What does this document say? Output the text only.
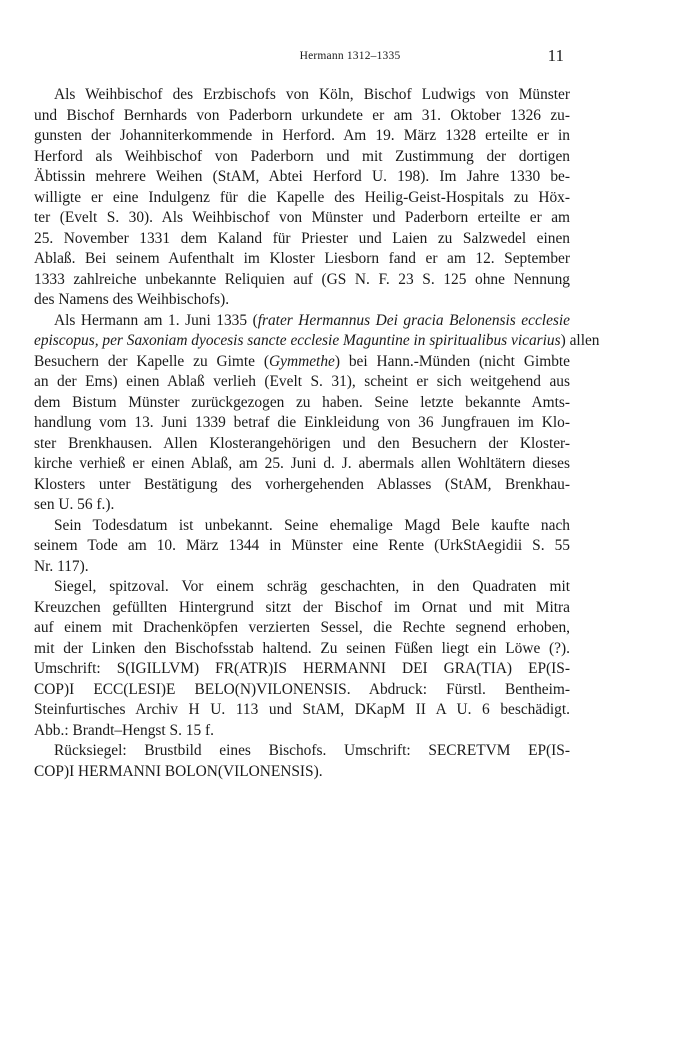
Hermann 1312–1335	11

Als Weihbischof des Erzbischofs von Köln, Bischof Ludwigs von Münster
und Bischof Bernhards von Paderborn urkundete er am 31. Oktober 1326 zu-
gunsten der Johanniterkommende in Herford. Am 19. März 1328 erteilte er in
Herford als Weihbischof von Paderborn und mit Zustimmung der dortigen
Äbtissin mehrere Weihen (StAM, Abtei Herford U. 198). Im Jahre 1330 be-
willigte er eine Indulgenz für die Kapelle des Heilig-Geist-Hospitals zu Höx-
ter (Evelt S. 30). Als Weihbischof von Münster und Paderborn erteilte er am
25. November 1331 dem Kaland für Priester und Laien zu Salzwedel einen
Ablaß. Bei seinem Aufenthalt im Kloster Liesborn fand er am 12. September
1333 zahlreiche unbekannte Reliquien auf (GS N. F. 23 S. 125 ohne Nennung
des Namens des Weihbischofs).

Als Hermann am 1. Juni 1335 (frater Hermannus Dei gracia Belonensis ecclesie
episcopus, per Saxoniam dyocesis sancte ecclesie Maguntine in spiritualibus vicarius) allen
Besuchern der Kapelle zu Gimte (Gymmethe) bei Hann.-Münden (nicht Gimbte
an der Ems) einen Ablaß verlieh (Evelt S. 31), scheint er sich weitgehend aus
dem Bistum Münster zurückgezogen zu haben. Seine letzte bekannte Amts-
handlung vom 13. Juni 1339 betraf die Einkleidung von 36 Jungfrauen im Klo-
ster Brenkhausen. Allen Klosterangehörigen und den Besuchern der Kloster-
kirche verhieß er einen Ablaß, am 25. Juni d. J. abermals allen Wohltätern dieses
Klosters unter Bestätigung des vorhergehenden Ablasses (StAM, Brenkhau-
sen U. 56 f.).

Sein Todesdatum ist unbekannt. Seine ehemalige Magd Bele kaufte nach
seinem Tode am 10. März 1344 in Münster eine Rente (UrkStAegidii S. 55
Nr. 117).

Siegel, spitzoval. Vor einem schräg geschachten, in den Quadraten mit
Kreuzchen gefüllten Hintergrund sitzt der Bischof im Ornat und mit Mitra
auf einem mit Drachenköpfen verzierten Sessel, die Rechte segnend erhoben,
mit der Linken den Bischofsstab haltend. Zu seinen Füßen liegt ein Löwe (?).
Umschrift: S(IGILLVM) FR(ATR)IS HERMANNI DEI GRA(TIA) EP(IS-
COP)I ECC(LESI)E BELO(N)VILONENSIS. Abdruck: Fürstl. Bentheim-
Steinfurtisches Archiv H U. 113 und StAM, DKapM II A U. 6 beschädigt.
Abb.: Brandt–Hengst S. 15 f.

Rücksiegel: Brustbild eines Bischofs. Umschrift: SECRETVM EP(IS-
COP)I HERMANNI BOLON(VILONENSIS).
